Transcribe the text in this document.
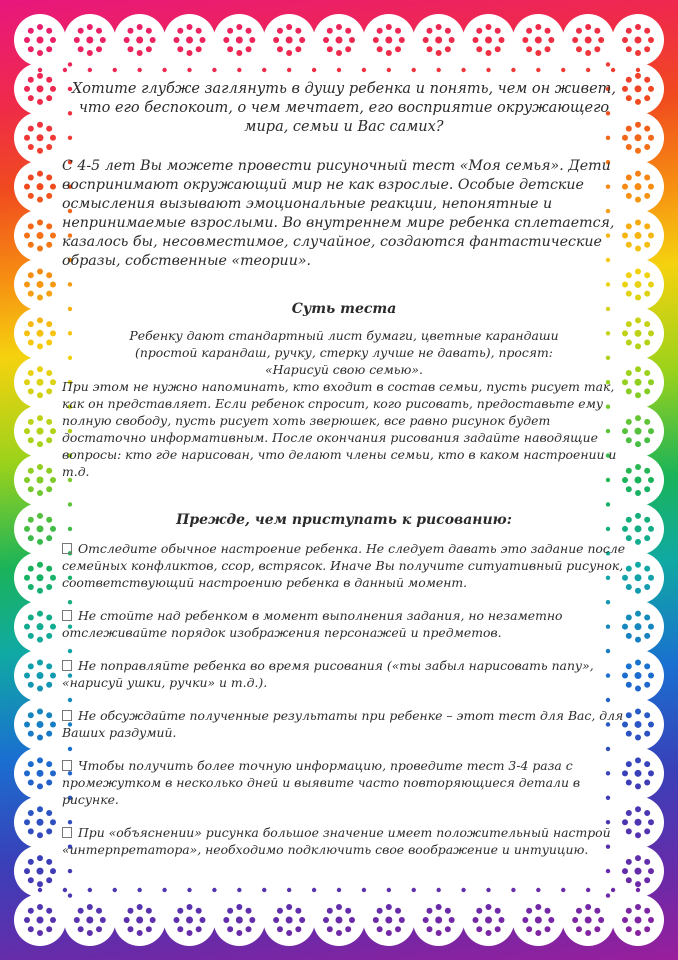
Хотите глубже заглянуть в душу ребенка и понять, чем он живет, что его беспокоит, о чем мечтает, его восприятие окружающего мира, семьи и Вас самих?

С 4-5 лет Вы можете провести рисуночный тест «Моя семья». Дети воспринимают окружающий мир не как взрослые. Особые детские осмысления вызывают эмоциональные реакции, непонятные и непринимаемые взрослыми. Во внутреннем мире ребенка сплетается, казалось бы, несовместимое, случайное, создаются фантастические образы, собственные «теории».

Суть теста

Ребенку дают стандартный лист бумаги, цветные карандаши (простой карандаш, ручку, стерку лучше не давать), просят: «Нарисуй свою семью».

При этом не нужно напоминать, кто входит в состав семьи, пусть рисует так, как он представляет. Если ребенок спросит, кого рисовать, предоставьте ему полную свободу, пусть рисует хоть зверюшек, все равно рисунок будет достаточно информативным. После окончания рисования задайте наводящие вопросы: кто где нарисован, что делают члены семьи, кто в каком настроении и т.д.

Прежде, чем приступать к рисованию:

Отследите обычное настроение ребенка. Не следует давать это задание после семейных конфликтов, ссор, встрясок. Иначе Вы получите ситуативный рисунок, соответствующий настроению ребенка в данный момент.

Не стойте над ребенком в момент выполнения задания, но незаметно отслеживайте порядок изображения персонажей и предметов.

Не поправляйте ребенка во время рисования («ты забыл нарисовать папу», «нарисуй ушки, ручки» и т.д.).

Не обсуждайте полученные результаты при ребенке – этот тест для Вас, для Ваших раздумий.

Чтобы получить более точную информацию, проведите тест 3-4 раза с промежутком в несколько дней и выявите часто повторяющиеся детали в рисунке.

При «объяснении» рисунка большое значение имеет положительный настрой «интерпретатора», необходимо подключить свое воображение и интуицию.
